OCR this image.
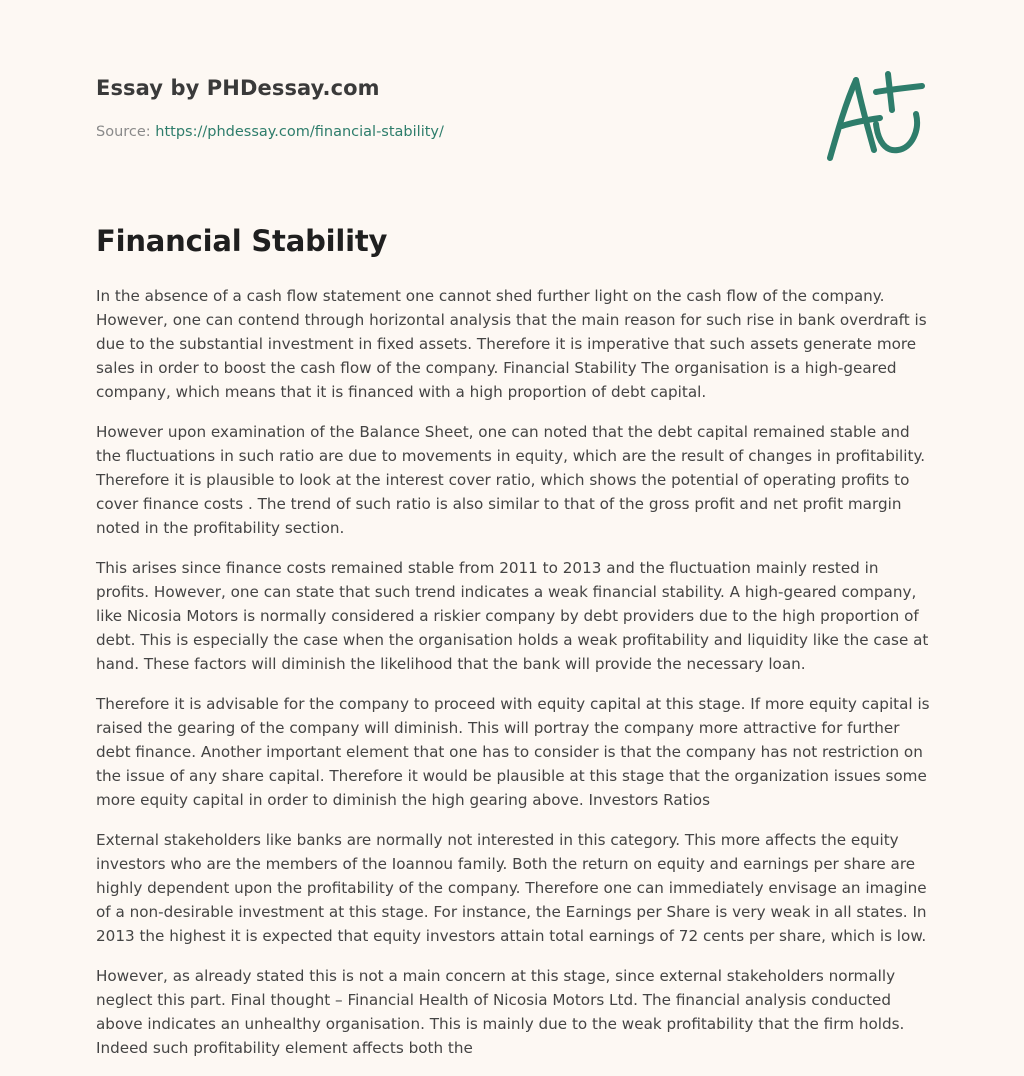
Essay by PHDessay.com
Source: https://phdessay.com/financial-stability/
Financial Stability

In the absence of a cash flow statement one cannot shed further light on the cash flow of the company. However, one can contend through horizontal analysis that the main reason for such rise in bank overdraft is due to the substantial investment in fixed assets. Therefore it is imperative that such assets generate more sales in order to boost the cash flow of the company. Financial Stability The organisation is a high-geared company, which means that it is financed with a high proportion of debt capital.

However upon examination of the Balance Sheet, one can noted that the debt capital remained stable and the fluctuations in such ratio are due to movements in equity, which are the result of changes in profitability. Therefore it is plausible to look at the interest cover ratio, which shows the potential of operating profits to cover finance costs . The trend of such ratio is also similar to that of the gross profit and net profit margin noted in the profitability section.

This arises since finance costs remained stable from 2011 to 2013 and the fluctuation mainly rested in profits. However, one can state that such trend indicates a weak financial stability. A high-geared company, like Nicosia Motors is normally considered a riskier company by debt providers due to the high proportion of debt. This is especially the case when the organisation holds a weak profitability and liquidity like the case at hand. These factors will diminish the likelihood that the bank will provide the necessary loan.

Therefore it is advisable for the company to proceed with equity capital at this stage. If more equity capital is raised the gearing of the company will diminish. This will portray the company more attractive for further debt finance. Another important element that one has to consider is that the company has not restriction on the issue of any share capital. Therefore it would be plausible at this stage that the organization issues some more equity capital in order to diminish the high gearing above. Investors Ratios

External stakeholders like banks are normally not interested in this category. This more affects the equity investors who are the members of the Ioannou family. Both the return on equity and earnings per share are highly dependent upon the profitability of the company. Therefore one can immediately envisage an imagine of a non-desirable investment at this stage. For instance, the Earnings per Share is very weak in all states. In 2013 the highest it is expected that equity investors attain total earnings of 72 cents per share, which is low.

However, as already stated this is not a main concern at this stage, since external stakeholders normally neglect this part. Final thought – Financial Health of Nicosia Motors Ltd. The financial analysis conducted above indicates an unhealthy organisation. This is mainly due to the weak profitability that the firm holds. Indeed such profitability element affects both the
